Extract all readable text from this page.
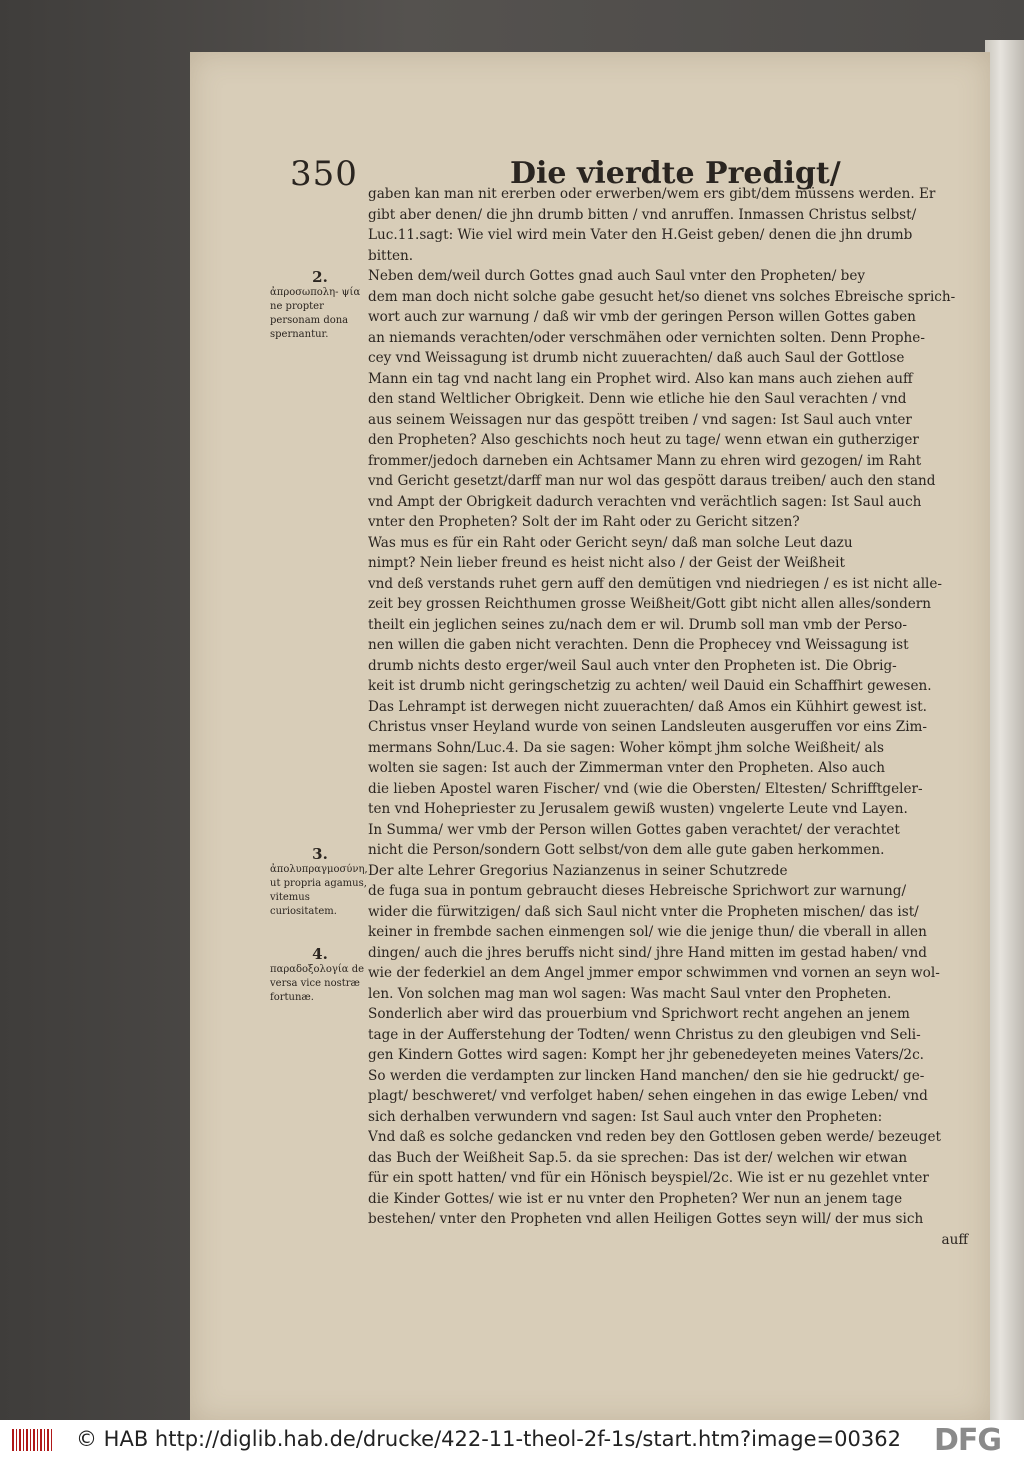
350	Die vierdte Predigt/
gaben kan man nit ererben oder erwerben/wem ers gibt/dem müssens werden. Er
gibt aber denen/ die jhn drumb bitten / vnd anruffen. Inmassen Christus selbst/
Luc.11.sagt: Wie viel wird mein Vater den H.Geist geben/ denen die jhn drumb
bitten.
Neben dem/weil durch Gottes gnad auch Saul vnter den Propheten/ bey
dem man doch nicht solche gabe gesucht het/so dienet vns solches Ebreische sprich-
wort auch zur warnung / daß wir vmb der geringen Person willen Gottes gaben
an niemands verachten/oder verschmähen oder vernichten solten. Denn Prophe-
cey vnd Weissagung ist drumb nicht zuuerachten/ daß auch Saul der Gottlose
Mann ein tag vnd nacht lang ein Prophet wird. Also kan mans auch ziehen auff
den stand Weltlicher Obrigkeit. Denn wie etliche hie den Saul verachten / vnd
aus seinem Weissagen nur das gespött treiben / vnd sagen: Ist Saul auch vnter
den Propheten? Also geschichts noch heut zu tage/ wenn etwan ein gutherziger
frommer/jedoch darneben ein Achtsamer Mann zu ehren wird gezogen/ im Raht
vnd Gericht gesetzt/darff man nur wol das gespött daraus treiben/ auch den stand
vnd Ampt der Obrigkeit dadurch verachten vnd verächtlich sagen: Ist Saul auch
vnter den Propheten? Solt der im Raht oder zu Gericht sitzen?
Was mus es für ein Raht oder Gericht seyn/ daß man solche Leut dazu
nimpt? Nein lieber freund es heist nicht also / der Geist der Weißheit
vnd deß verstands ruhet gern auff den demütigen vnd niedriegen / es ist nicht alle-
zeit bey grossen Reichthumen grosse Weißheit/Gott gibt nicht allen alles/sondern
theilt ein jeglichen seines zu/nach dem er wil. Drumb soll man vmb der Perso-
nen willen die gaben nicht verachten. Denn die Prophecey vnd Weissagung ist
drumb nichts desto erger/weil Saul auch vnter den Propheten ist. Die Obrig-
keit ist drumb nicht geringschetzig zu achten/ weil Dauid ein Schaffhirt gewesen.
Das Lehrampt ist derwegen nicht zuuerachten/ daß Amos ein Kühhirt gewest ist.
Christus vnser Heyland wurde von seinen Landsleuten ausgeruffen vor eins Zim-
mermans Sohn/Luc.4. Da sie sagen: Woher kömpt jhm solche Weißheit/ als
wolten sie sagen: Ist auch der Zimmerman vnter den Propheten. Also auch
die lieben Apostel waren Fischer/ vnd (wie die Obersten/ Eltesten/ Schrifftgeler-
ten vnd Hohepriester zu Jerusalem gewiß wusten) vngelerte Leute vnd Layen.
In Summa/ wer vmb der Person willen Gottes gaben verachtet/ der verachtet
nicht die Person/sondern Gott selbst/von dem alle gute gaben herkommen.
Der alte Lehrer Gregorius Nazianzenus in seiner Schutzrede
de fuga sua in pontum gebraucht dieses Hebreische Sprichwort zur warnung/
wider die fürwitzigen/ daß sich Saul nicht vnter die Propheten mischen/ das ist/
keiner in frembde sachen einmengen sol/ wie die jenige thun/ die vberall in allen
dingen/ auch die jhres beruffs nicht sind/ jhre Hand mitten im gestad haben/ vnd
wie der federkiel an dem Angel jmmer empor schwimmen vnd vornen an seyn wol-
len. Von solchen mag man wol sagen: Was macht Saul vnter den Propheten.
Sonderlich aber wird das prouerbium vnd Sprichwort recht angehen an jenem
tage in der Aufferstehung der Todten/ wenn Christus zu den gleubigen vnd Seli-
gen Kindern Gottes wird sagen: Kompt her jhr gebenedeyeten meines Vaters/2c.
So werden die verdampten zur lincken Hand manchen/ den sie hie gedruckt/ ge-
plagt/ beschweret/ vnd verfolget haben/ sehen eingehen in das ewige Leben/ vnd
sich derhalben verwundern vnd sagen: Ist Saul auch vnter den Propheten:
Vnd daß es solche gedancken vnd reden bey den Gottlosen geben werde/ bezeuget
das Buch der Weißheit Sap.5. da sie sprechen: Das ist der/ welchen wir etwan
für ein spott hatten/ vnd für ein Hönisch beyspiel/2c. Wie ist er nu gezehlet vnter
die Kinder Gottes/ wie ist er nu vnter den Propheten? Wer nun an jenem tage
bestehen/ vnter den Propheten vnd allen Heiligen Gottes seyn will/ der mus sich
auff
2.
ἀπροσωπολη- ψία ne propter personam dona spernantur.
3.
ἀπολυπραγμοσύνη, ut propria agamus, vitemus curiositatem.
4.
παραδοξολογία de versa vice nostræ fortunæ.
© HAB http://diglib.hab.de/drucke/422-11-theol-2f-1s/start.htm?image=00362 DFG
